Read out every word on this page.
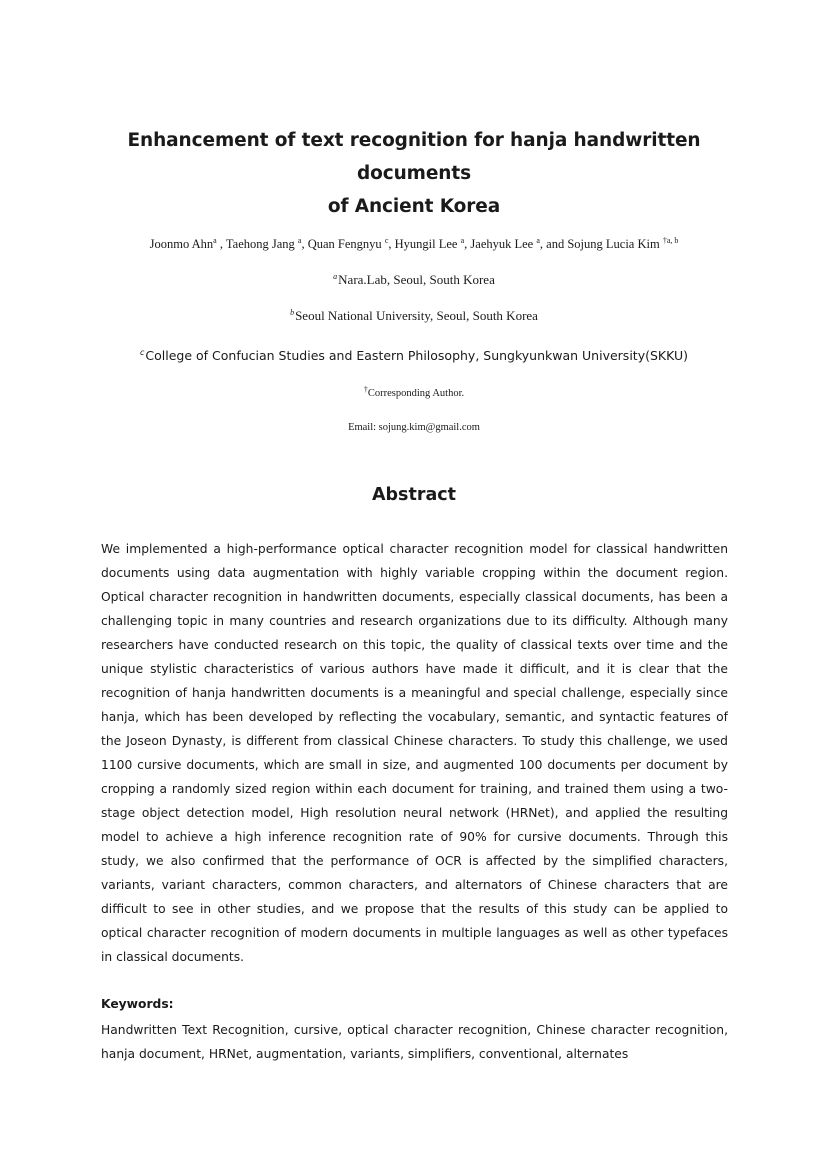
Enhancement of text recognition for hanja handwritten documents
of Ancient Korea
Joonmo Ahn$^a$ , Taehong Jang $^a$, Quan Fengnyu $^c$, Hyungil Lee $^a$, Jaehyuk Lee $^a$, and Sojung Lucia Kim $^{\dagger a, b}$
$^a$Nara.Lab, Seoul, South Korea
$^b$Seoul National University, Seoul, South Korea
$^c$College of Confucian Studies and Eastern Philosophy, Sungkyunkwan University(SKKU)
†Corresponding Author.
Email: sojung.kim@gmail.com
Abstract

We implemented a high-performance optical character recognition model for classical handwritten
documents using data augmentation with highly variable cropping within the document region.
Optical character recognition in handwritten documents, especially classical documents, has been a
challenging topic in many countries and research organizations due to its difficulty. Although many
researchers have conducted research on this topic, the quality of classical texts over time and the
unique stylistic characteristics of various authors have made it difficult, and it is clear that the
recognition of hanja handwritten documents is a meaningful and special challenge, especially since
hanja, which has been developed by reflecting the vocabulary, semantic, and syntactic features of
the Joseon Dynasty, is different from classical Chinese characters. To study this challenge, we used
1100 cursive documents, which are small in size, and augmented 100 documents per document by
cropping a randomly sized region within each document for training, and trained them using a two-
stage object detection model, High resolution neural network (HRNet), and applied the resulting
model to achieve a high inference recognition rate of 90% for cursive documents. Through this
study, we also confirmed that the performance of OCR is affected by the simplified characters,
variants, variant characters, common characters, and alternators of Chinese characters that are
difficult to see in other studies, and we propose that the results of this study can be applied to
optical character recognition of modern documents in multiple languages as well as other typefaces
in classical documents.

Keywords:

Handwritten Text Recognition, cursive, optical character recognition, Chinese character recognition,
hanja document, HRNet, augmentation, variants, simplifiers, conventional, alternates
